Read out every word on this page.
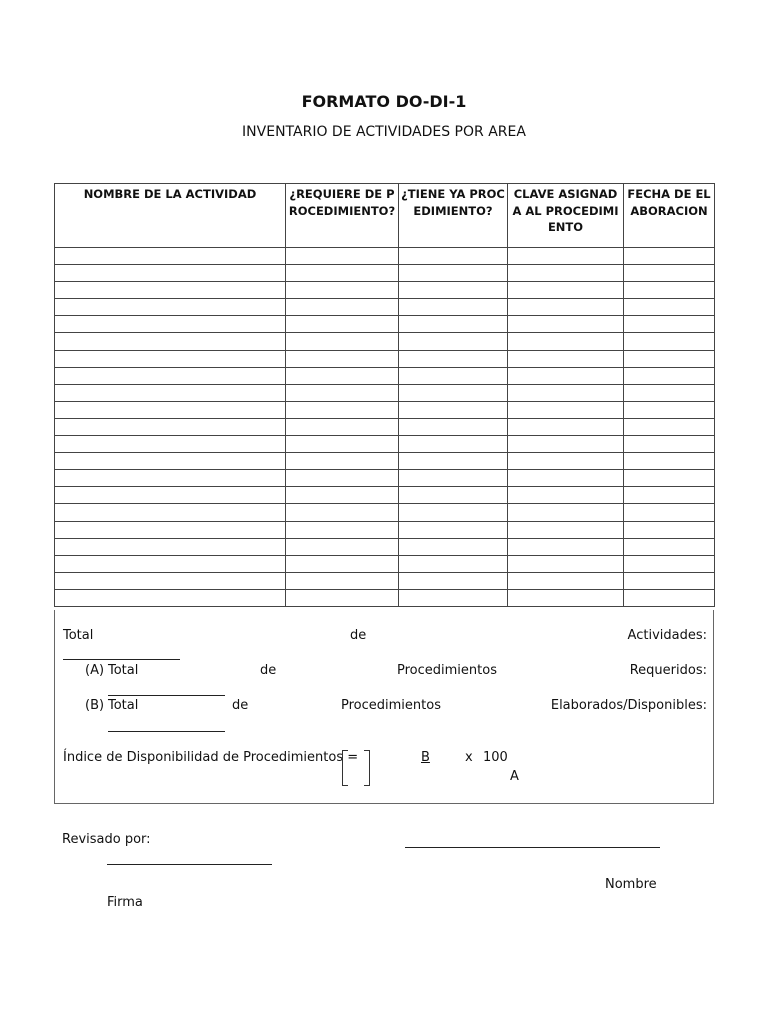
FORMATO DO-DI-1
INVENTARIO DE ACTIVIDADES POR AREA
NOMBRE DE LA ACTIVIDAD	¿REQUIERE DE PROCEDIMIENTO?	¿TIENE YA PROCEDIMIENTO?	CLAVE ASIGNADA AL PROCEDIMIENTO	FECHA DE ELABORACION

Total	de	Actividades:
(A) Total	de	Procedimientos	Requeridos:
(B) Total	de	Procedimientos	Elaborados/Disponibles:
Índice de Disponibilidad de Procedimientos =	B	x 100
A
Revisado por:
Nombre
Firma
